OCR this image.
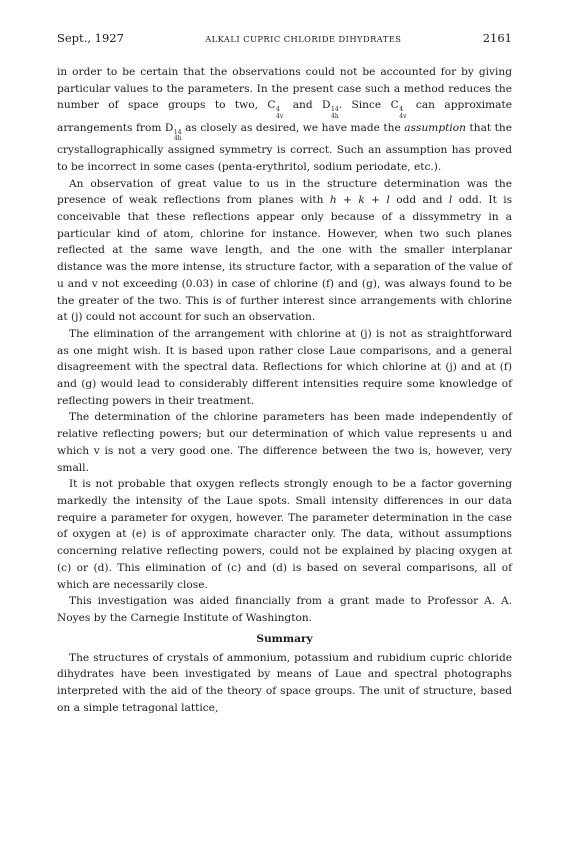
Sept., 1927	ALKALI CUPRIC CHLORIDE DIHYDRATES	2161

in order to be certain that the observations could not be accounted for by giving particular values to the parameters. In the present case such a method reduces the number of space groups to two, C 4
4v
and D 14
4h
. Since C 4
4v
can approximate arrangements from D 14
4h
as closely as desired, we have made the assumption that the crystallographically assigned symmetry is correct. Such an assumption has proved to be incorrect in some cases (penta-erythritol, sodium periodate, etc.).

An observation of great value to us in the structure determination was the presence of weak reflections from planes with h + k + l odd and l odd. It is conceivable that these reflections appear only because of a dissymmetry in a particular kind of atom, chlorine for instance. However, when two such planes reflected at the same wave length, and the one with the smaller interplanar distance was the more intense, its structure factor, with a separation of the value of u and v not exceeding (0.03) in case of chlorine (f) and (g), was always found to be the greater of the two. This is of further interest since arrangements with chlorine at (j) could not account for such an observation.

The elimination of the arrangement with chlorine at (j) is not as straightforward as one might wish. It is based upon rather close Laue comparisons, and a general disagreement with the spectral data. Reflections for which chlorine at (j) and at (f) and (g) would lead to considerably different intensities require some knowledge of reflecting powers in their treatment.

The determination of the chlorine parameters has been made independently of relative reflecting powers; but our determination of which value represents u and which v is not a very good one. The difference between the two is, however, very small.

It is not probable that oxygen reflects strongly enough to be a factor governing markedly the intensity of the Laue spots. Small intensity differences in our data require a parameter for oxygen, however. The parameter determination in the case of oxygen at (e) is of approximate character only. The data, without assumptions concerning relative reflecting powers, could not be explained by placing oxygen at (c) or (d). This elimination of (c) and (d) is based on several comparisons, all of which are necessarily close.

This investigation was aided financially from a grant made to Professor A. A. Noyes by the Carnegie Institute of Washington.

Summary

The structures of crystals of ammonium, potassium and rubidium cupric chloride dihydrates have been investigated by means of Laue and spectral photographs interpreted with the aid of the theory of space groups. The unit of structure, based on a simple tetragonal lattice,
